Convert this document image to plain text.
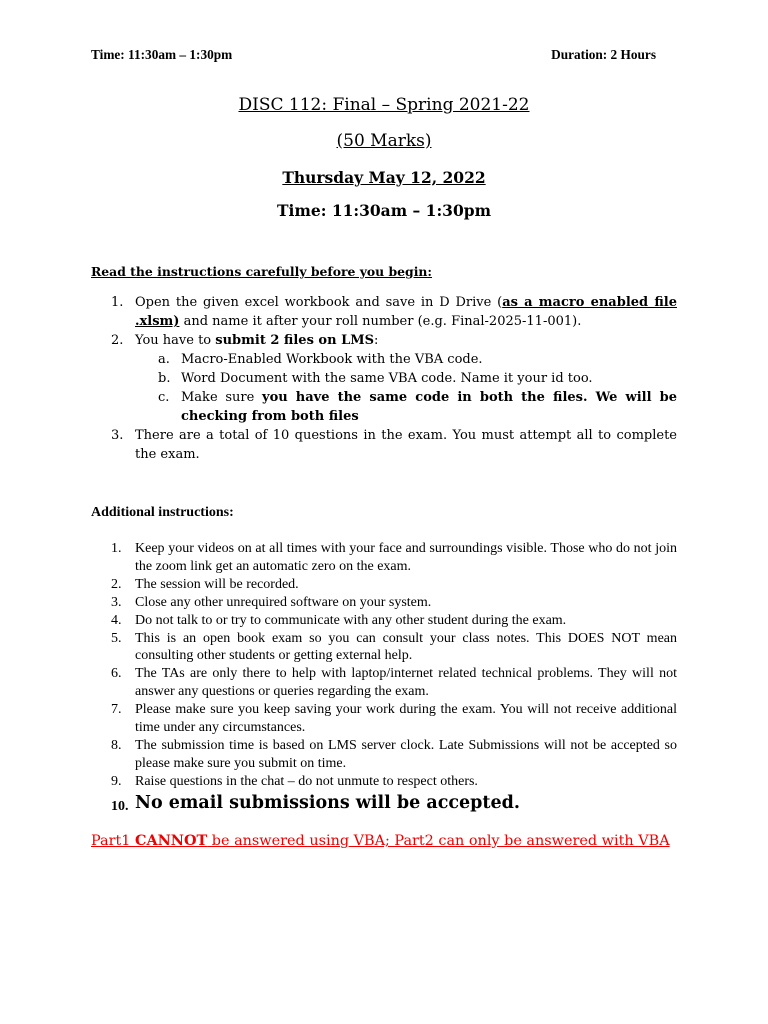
Time: 11:30am – 1:30pm	Duration: 2 Hours
DISC 112: Final – Spring 2021-22
(50 Marks)
Thursday May 12, 2022
Time: 11:30am – 1:30pm
Read the instructions carefully before you begin:
1. Open the given excel workbook and save in D Drive (as a macro enabled file .xlsm) and name it after your roll number (e.g. Final-2025-11-001).
2. You have to submit 2 files on LMS:
a. Macro-Enabled Workbook with the VBA code.
b. Word Document with the same VBA code. Name it your id too.
c. Make sure you have the same code in both the files. We will be checking from both files
3. There are a total of 10 questions in the exam. You must attempt all to complete the exam.
Additional instructions:
1. Keep your videos on at all times with your face and surroundings visible. Those who do not join the zoom link get an automatic zero on the exam.
2. The session will be recorded.
3. Close any other unrequired software on your system.
4. Do not talk to or try to communicate with any other student during the exam.
5. This is an open book exam so you can consult your class notes. This DOES NOT mean consulting other students or getting external help.
6. The TAs are only there to help with laptop/internet related technical problems. They will not answer any questions or queries regarding the exam.
7. Please make sure you keep saving your work during the exam. You will not receive additional time under any circumstances.
8. The submission time is based on LMS server clock. Late Submissions will not be accepted so please make sure you submit on time.
9. Raise questions in the chat – do not unmute to respect others.
10. No email submissions will be accepted.
Part1 CANNOT be answered using VBA; Part2 can only be answered with VBA
